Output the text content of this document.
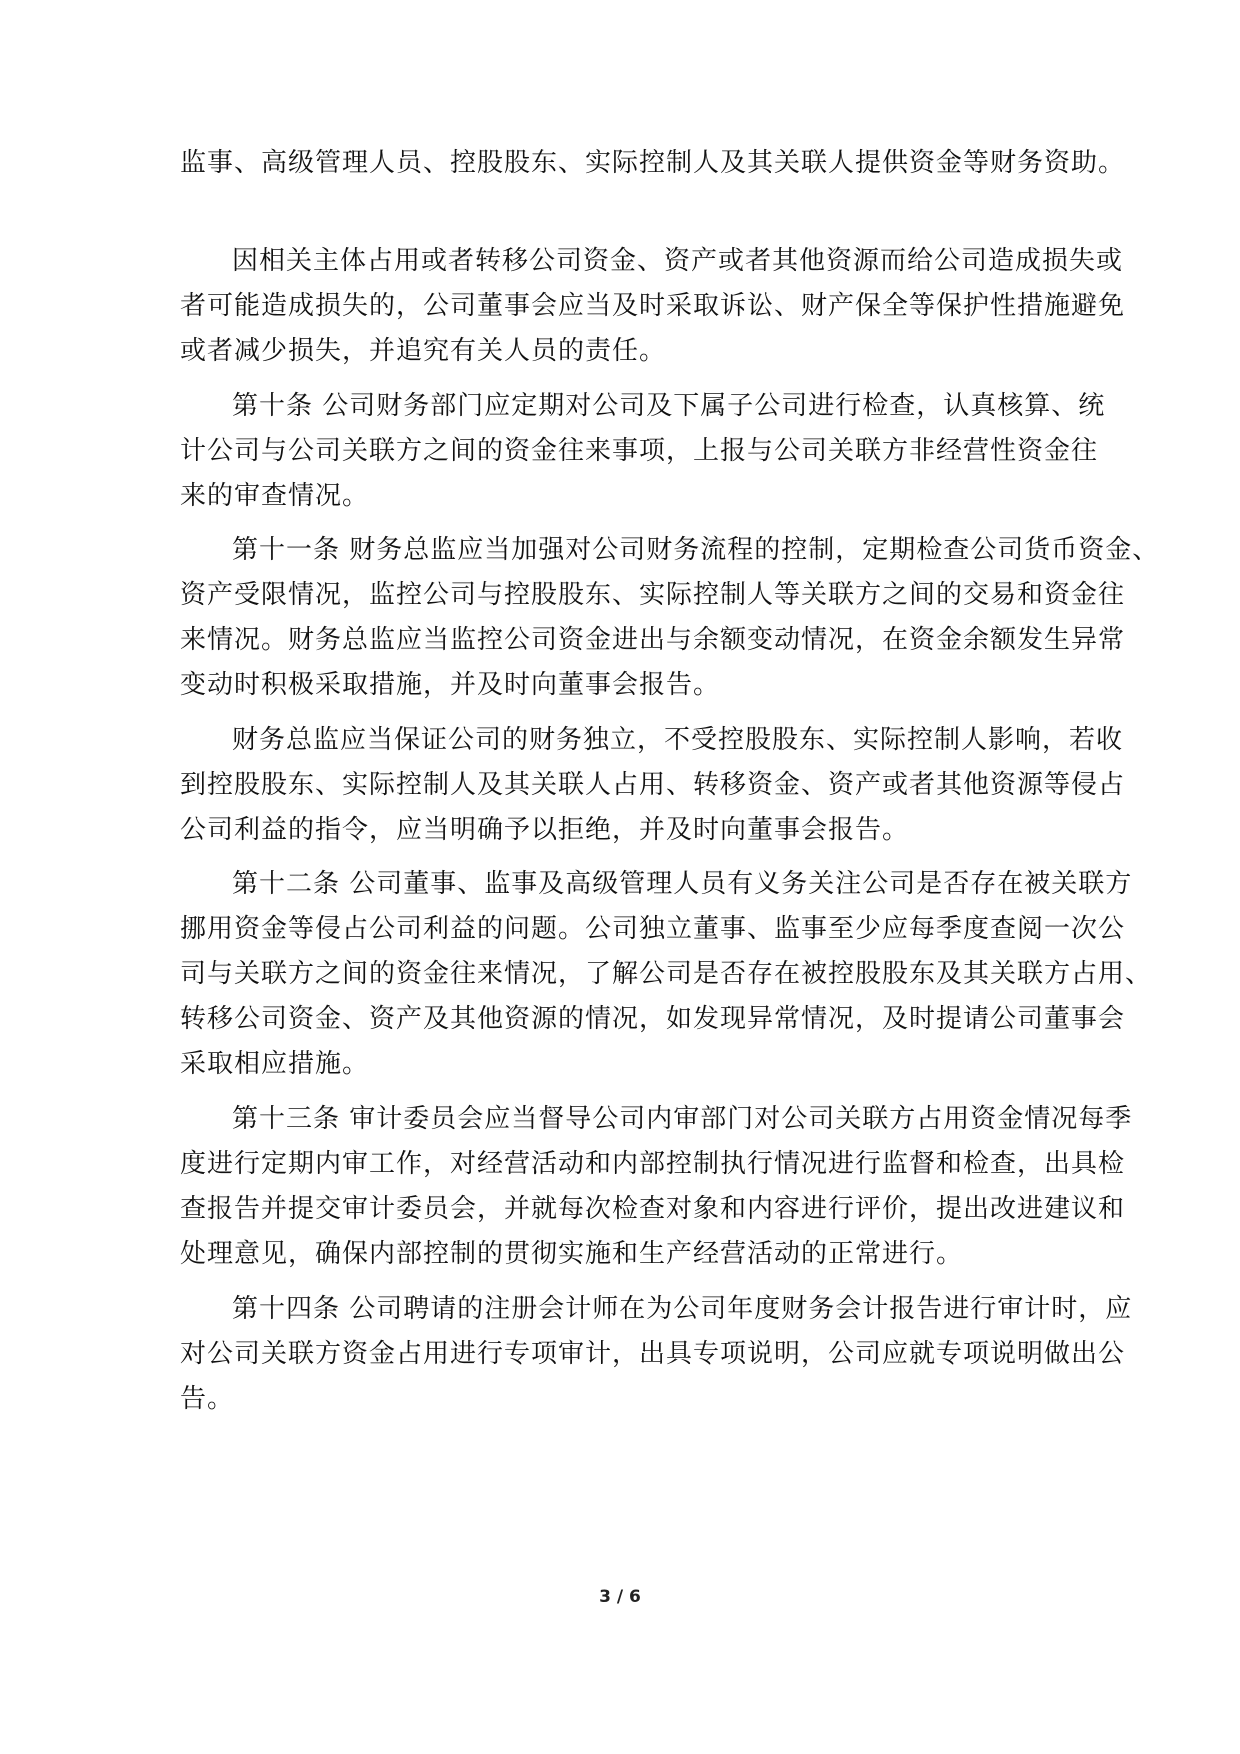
监事、高级管理人员、控股股东、实际控制人及其关联人提供资金等财务资助。
因相关主体占用或者转移公司资金、资产或者其他资源而给公司造成损失或
者可能造成损失的，公司董事会应当及时采取诉讼、财产保全等保护性措施避免
或者减少损失，并追究有关人员的责任。
第十条 公司财务部门应定期对公司及下属子公司进行检查，认真核算、统
计公司与公司关联方之间的资金往来事项，上报与公司关联方非经营性资金往
来的审查情况。
第十一条 财务总监应当加强对公司财务流程的控制，定期检查公司货币资金、
资产受限情况，监控公司与控股股东、实际控制人等关联方之间的交易和资金往
来情况。财务总监应当监控公司资金进出与余额变动情况，在资金余额发生异常
变动时积极采取措施，并及时向董事会报告。
财务总监应当保证公司的财务独立，不受控股股东、实际控制人影响，若收
到控股股东、实际控制人及其关联人占用、转移资金、资产或者其他资源等侵占
公司利益的指令，应当明确予以拒绝，并及时向董事会报告。
第十二条 公司董事、监事及高级管理人员有义务关注公司是否存在被关联方
挪用资金等侵占公司利益的问题。公司独立董事、监事至少应每季度查阅一次公
司与关联方之间的资金往来情况，了解公司是否存在被控股股东及其关联方占用、
转移公司资金、资产及其他资源的情况，如发现异常情况，及时提请公司董事会
采取相应措施。
第十三条 审计委员会应当督导公司内审部门对公司关联方占用资金情况每季
度进行定期内审工作，对经营活动和内部控制执行情况进行监督和检查，出具检
查报告并提交审计委员会，并就每次检查对象和内容进行评价，提出改进建议和
处理意见，确保内部控制的贯彻实施和生产经营活动的正常进行。
第十四条 公司聘请的注册会计师在为公司年度财务会计报告进行审计时，应
对公司关联方资金占用进行专项审计，出具专项说明，公司应就专项说明做出公
告。
3 / 6
